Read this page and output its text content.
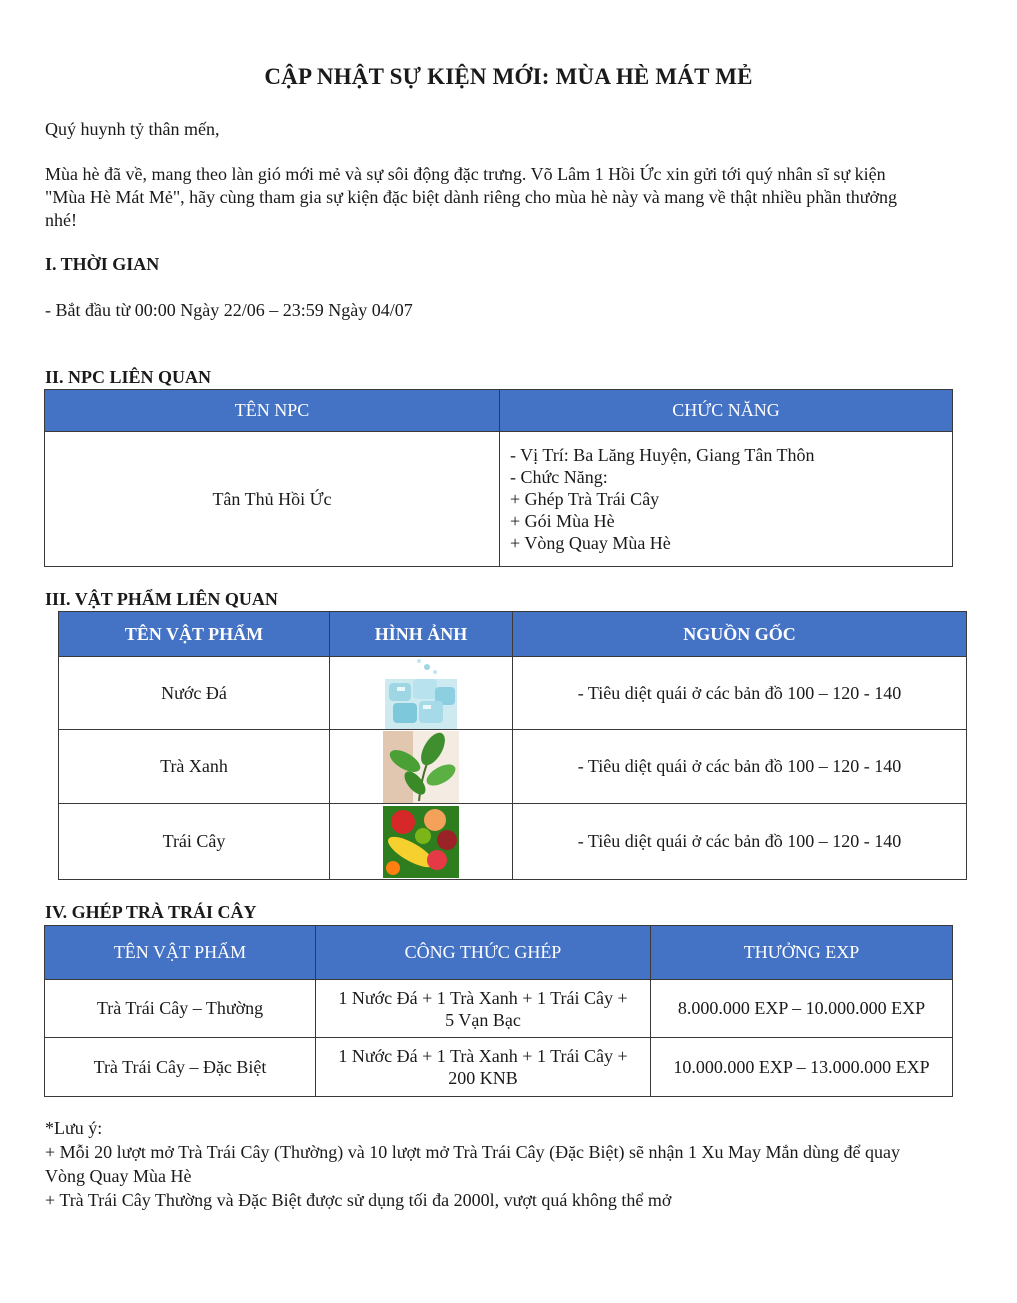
CẬP NHẬT SỰ KIỆN MỚI: MÙA HÈ MÁT MẺ
Quý huynh tỷ thân mến,
Mùa hè đã về, mang theo làn gió mới mẻ và sự sôi động đặc trưng. Võ Lâm 1 Hồi Ức xin gửi tới quý nhân sĩ sự kiện
"Mùa Hè Mát Mẻ", hãy cùng tham gia sự kiện đặc biệt dành riêng cho mùa hè này và mang về thật nhiều phần thưởng
nhé!
I. THỜI GIAN
- Bắt đầu từ 00:00 Ngày 22/06 – 23:59 Ngày 04/07
II. NPC LIÊN QUAN
TÊN NPC	CHỨC NĂNG
Tân Thủ Hồi Ức	- Vị Trí: Ba Lăng Huyện, Giang Tân Thôn
- Chức Năng:
+ Ghép Trà Trái Cây
+ Gói Mùa Hè
+ Vòng Quay Mùa Hè
III. VẬT PHẨM LIÊN QUAN
TÊN VẬT PHẨM	HÌNH ẢNH	NGUỒN GỐC
Nước Đá		- Tiêu diệt quái ở các bản đồ 100 – 120 - 140
Trà Xanh		- Tiêu diệt quái ở các bản đồ 100 – 120 - 140
Trái Cây		- Tiêu diệt quái ở các bản đồ 100 – 120 - 140
IV. GHÉP TRÀ TRÁI CÂY
TÊN VẬT PHẨM	CÔNG THỨC GHÉP	THƯỞNG EXP
Trà Trái Cây – Thường	1 Nước Đá + 1 Trà Xanh + 1 Trái Cây +
5 Vạn Bạc	8.000.000 EXP – 10.000.000 EXP
Trà Trái Cây – Đặc Biệt	1 Nước Đá + 1 Trà Xanh + 1 Trái Cây +
200 KNB	10.000.000 EXP – 13.000.000 EXP
*Lưu ý:
+ Mỗi 20 lượt mở Trà Trái Cây (Thường) và 10 lượt mở Trà Trái Cây (Đặc Biệt) sẽ nhận 1 Xu May Mắn dùng để quay
Vòng Quay Mùa Hè
+ Trà Trái Cây Thường và Đặc Biệt được sử dụng tối đa 2000l, vượt quá không thể mở
